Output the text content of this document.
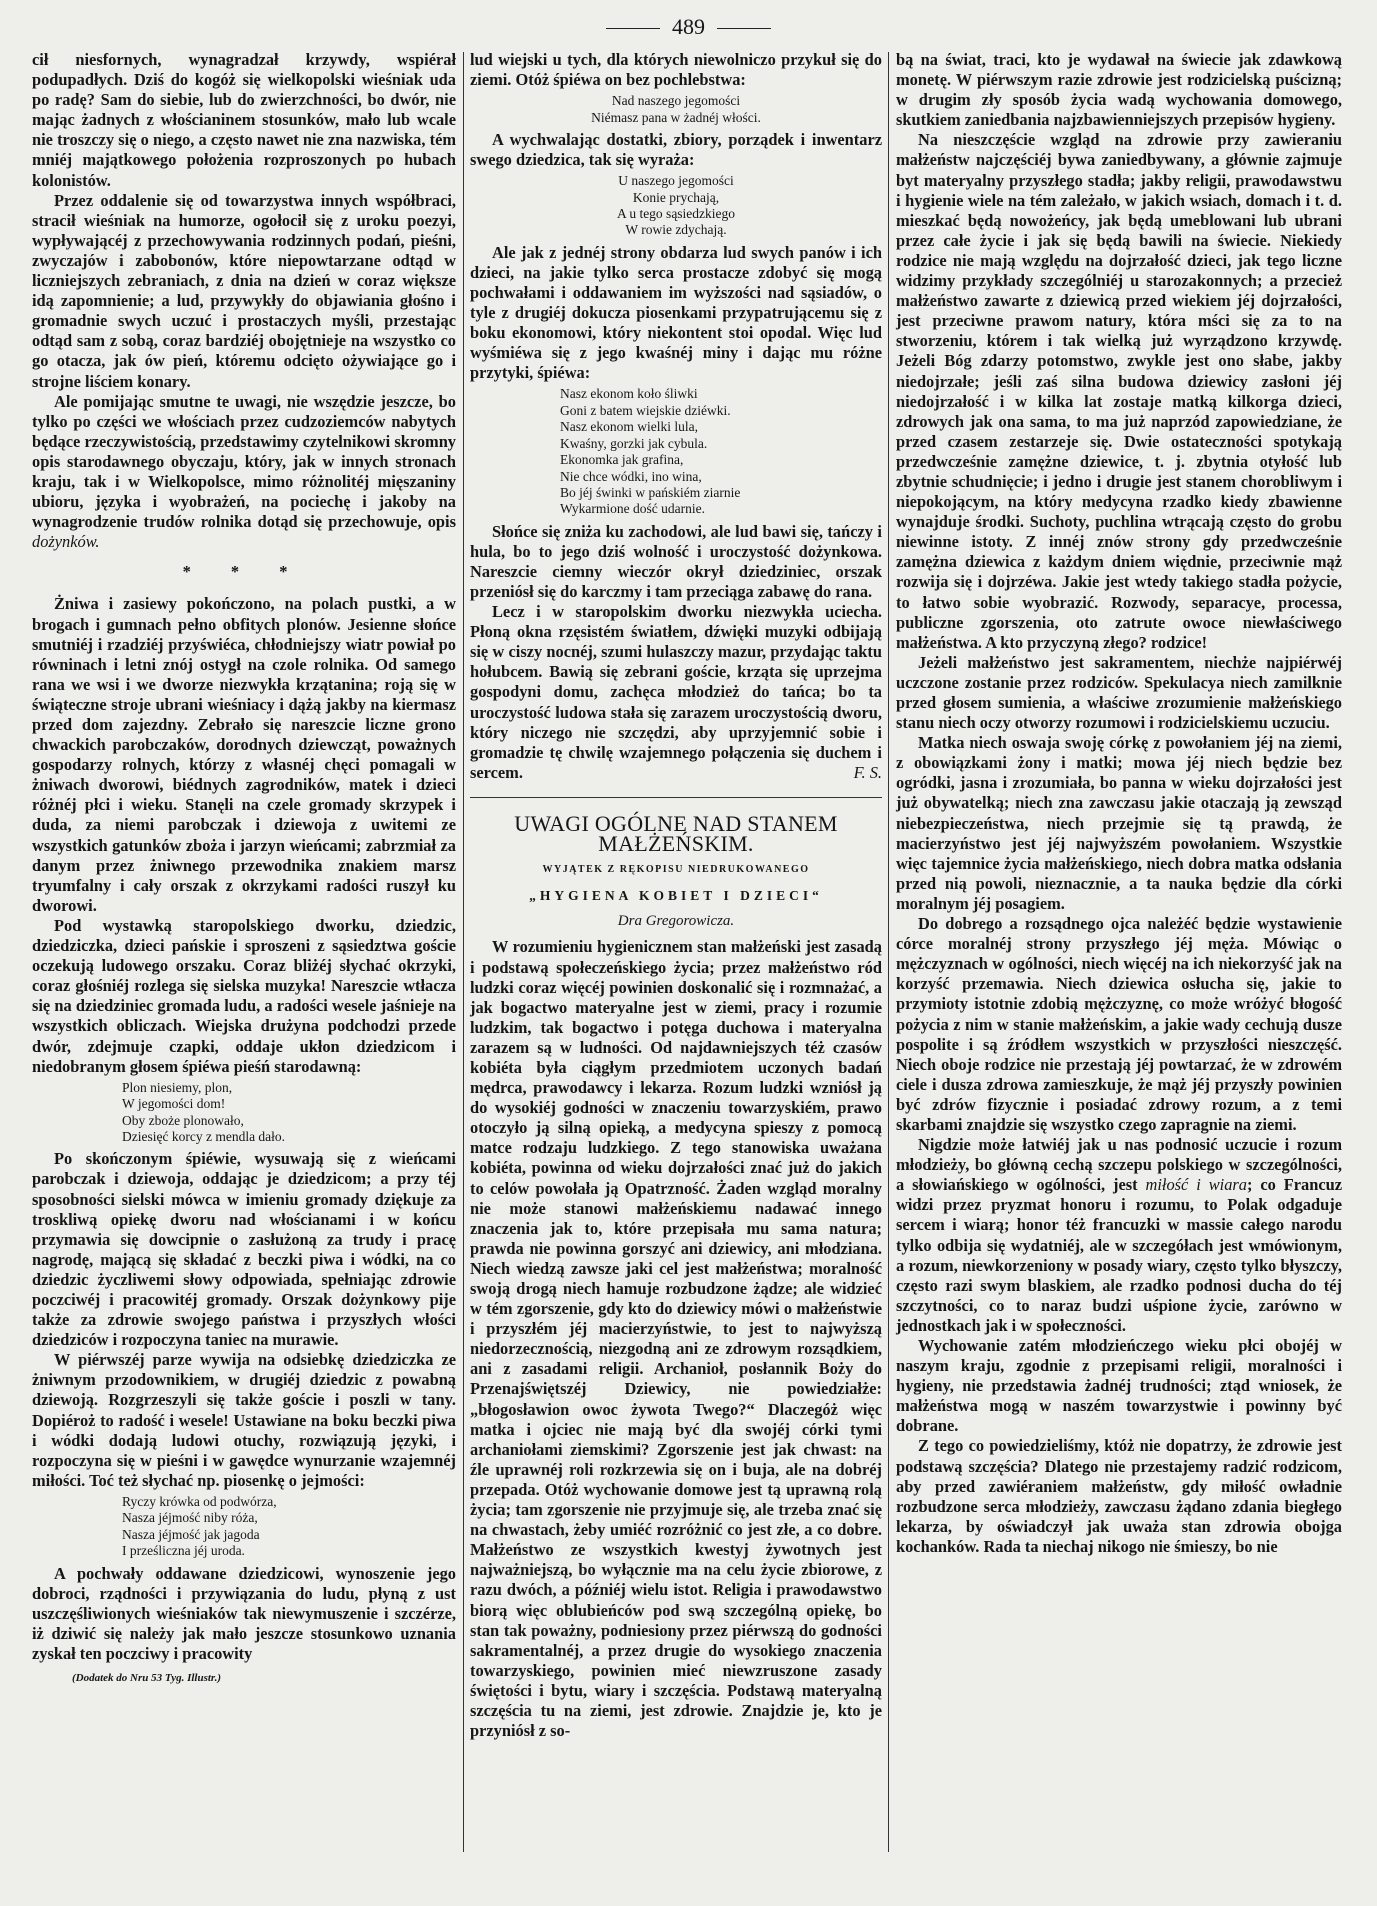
489

cił niesfornych, wynagradzał krzywdy, wspiérał podupadłych. Dziś do kogóż się wielkopolski wieśniak uda po radę? Sam do siebie, lub do zwierzchności, bo dwór, nie mając żadnych z włościaninem stosunków, mało lub wcale nie troszczy się o niego, a często nawet nie zna nazwiska, tém mniéj majątkowego położenia rozproszonych po hubach kolonistów.

Przez oddalenie się od towarzystwa innych współbraci, stracił wieśniak na humorze, ogołocił się z uroku poezyi, wypływającéj z przechowywania rodzinnych podań, pieśni, zwyczajów i zabobonów, które niepowtarzane odtąd w liczniejszych zebraniach, z dnia na dzień w coraz większe idą zapomnienie; a lud, przywykły do objawiania głośno i gromadnie swych uczuć i prostaczych myśli, przestając odtąd sam z sobą, coraz bardziéj obojętnieje na wszystko co go otacza, jak ów pień, któremu odcięto ożywiające go i strojne liściem konary.

Ale pomijając smutne te uwagi, nie wszędzie jeszcze, bo tylko po części we włościach przez cudzoziemców nabytych będące rzeczywistością, przedstawimy czytelnikowi skromny opis starodawnego obyczaju, który, jak w innych stronach kraju, tak i w Wielkopolsce, mimo różnolitéj mięszaniny ubioru, języka i wyobrażeń, na pociechę i jakoby na wynagrodzenie trudów rolnika dotąd się przechowuje, opis dożynków.

* * *

Żniwa i zasiewy pokończono, na polach pustki, a w brogach i gumnach pełno obfitych plonów. Jesienne słońce smutniéj i rzadziéj przyświéca, chłodniejszy wiatr powiał po równinach i letni znój ostygł na czole rolnika. Od samego rana we wsi i we dworze niezwykła krzątanina; roją się w świąteczne stroje ubrani wieśniacy i dążą jakby na kiermasz przed dom zajezdny. Zebrało się nareszcie liczne grono chwackich parobczaków, dorodnych dziewcząt, poważnych gospodarzy rolnych, którzy z własnéj chęci pomagali w żniwach dworowi, biédnych zagrodników, matek i dzieci różnéj płci i wieku. Stanęli na czele gromady skrzypek i duda, za niemi parobczak i dziewoja z uwitemi ze wszystkich gatunków zboża i jarzyn wieńcami; zabrzmiał za danym przez żniwnego przewodnika znakiem marsz tryumfalny i cały orszak z okrzykami radości ruszył ku dworowi.

Pod wystawką staropolskiego dworku, dziedzic, dziedziczka, dzieci pańskie i sproszeni z sąsiedztwa goście oczekują ludowego orszaku. Coraz bliżéj słychać okrzyki, coraz głośniéj rozlega się sielska muzyka! Nareszcie wtłacza się na dziedziniec gromada ludu, a radości wesele jaśnieje na wszystkich obliczach. Wiejska drużyna podchodzi przede dwór, zdejmuje czapki, oddaje ukłon dziedzicom i niedobranym głosem śpiéwa pieśń starodawną:

Plon niesiemy, plon,
W jegomości dom!
Oby zboże plonowało,
Dziesięć korcy z mendla dało.

Po skończonym śpiéwie, wysuwają się z wieńcami parobczak i dziewoja, oddając je dziedzicom; a przy téj sposobności sielski mówca w imieniu gromady dziękuje za troskliwą opiekę dworu nad włościanami i w końcu przymawia się dowcipnie o zasłużoną za trudy i pracę nagrodę, mającą się składać z beczki piwa i wódki, na co dziedzic życzliwemi słowy odpowiada, spełniając zdrowie poczciwéj i pracowitéj gromady. Orszak dożynkowy pije także za zdrowie swojego państwa i przyszłych włości dziedziców i rozpoczyna taniec na murawie.

W piérwszéj parze wywija na odsiebkę dziedziczka ze żniwnym przodownikiem, w drugiéj dziedzic z powabną dziewoją. Rozgrzeszyli się także goście i poszli w tany. Dopiéroż to radość i wesele! Ustawiane na boku beczki piwa i wódki dodają ludowi otuchy, rozwiązują języki, i rozpoczyna się w pieśni i w gawędce wynurzanie wzajemnéj miłości. Toć też słychać np. piosenkę o jejmości:

Ryczy krówka od podwórza,
Nasza jéjmość niby róża,
Nasza jéjmość jak jagoda
I prześliczna jéj uroda.

A pochwały oddawane dziedzicowi, wynoszenie jego dobroci, rządności i przywiązania do ludu, płyną z ust uszczęśliwionych wieśniaków tak niewymuszenie i szczérze, iż dziwić się należy jak mało jeszcze stosunkowo uznania zyskał ten poczciwy i pracowity

(Dodatek do Nru 53 Tyg. Illustr.)

lud wiejski u tych, dla których niewolniczo przykuł się do ziemi. Otóż śpiéwa on bez pochlebstwa:

Nad naszego jegomości
Niémasz pana w żadnéj włości.

A wychwalając dostatki, zbiory, porządek i inwentarz swego dziedzica, tak się wyraża:

U naszego jegomości
Konie prychają,
A u tego sąsiedzkiego
W rowie zdychają.

Ale jak z jednéj strony obdarza lud swych panów i ich dzieci, na jakie tylko serca prostacze zdobyć się mogą pochwałami i oddawaniem im wyższości nad sąsiadów, o tyle z drugiéj dokucza piosenkami przypatrującemu się z boku ekonomowi, który niekontent stoi opodal. Więc lud wyśmiéwa się z jego kwaśnéj miny i dając mu różne przytyki, śpiéwa:

Nasz ekonom koło śliwki
Goni z batem wiejskie dziéwki.
Nasz ekonom wielki lula,
Kwaśny, gorzki jak cybula.
Ekonomka jak grafina,
Nie chce wódki, ino wina,
Bo jéj świnki w pańskiém ziarnie
Wykarmione dość udarnie.

Słońce się zniża ku zachodowi, ale lud bawi się, tańczy i hula, bo to jego dziś wolność i uroczystość dożynkowa. Nareszcie ciemny wieczór okrył dziedziniec, orszak przeniósł się do karczmy i tam przeciąga zabawę do rana.

Lecz i w staropolskim dworku niezwykła uciecha. Płoną okna rzęsistém światłem, dźwięki muzyki odbijają się w ciszy nocnéj, szumi hulaszczy mazur, przydając taktu hołubcem. Bawią się zebrani goście, krząta się uprzejma gospodyni domu, zachęca młodzież do tańca; bo ta uroczystość ludowa stała się zarazem uroczystością dworu, który niczego nie szczędzi, aby uprzyjemnić sobie i gromadzie tę chwilę wzajemnego połączenia się duchem i sercem.	F. S.

UWAGI OGÓLNE NAD STANEM MAŁŻEŃSKIM.
WYJĄTEK Z RĘKOPISU NIEDRUKOWANEGO
„HYGIENA KOBIET I DZIECI“
Dra Gregorowicza.

W rozumieniu hygienicznem stan małżeński jest zasadą i podstawą społeczeńskiego życia; przez małżeństwo ród ludzki coraz więcéj powinien doskonalić się i rozmnażać, a jak bogactwo materyalne jest w ziemi, pracy i rozumie ludzkim, tak bogactwo i potęga duchowa i materyalna zarazem są w ludności. Od najdawniejszych téż czasów kobiéta była ciągłym przedmiotem uczonych badań mędrca, prawodawcy i lekarza. Rozum ludzki wzniósł ją do wysokiéj godności w znaczeniu towarzyskiém, prawo otoczyło ją silną opieką, a medycyna spieszy z pomocą matce rodzaju ludzkiego. Z tego stanowiska uważana kobiéta, powinna od wieku dojrzałości znać już do jakich to celów powołała ją Opatrzność. Żaden wzgląd moralny nie może stanowi małżeńskiemu nadawać innego znaczenia jak to, które przepisała mu sama natura; prawda nie powinna gorszyć ani dziewicy, ani młodziana. Niech wiedzą zawsze jaki cel jest małżeństwa; moralność swoją drogą niech hamuje rozbudzone żądze; ale widzieć w tém zgorszenie, gdy kto do dziewicy mówi o małżeństwie i przyszłém jéj macierzyństwie, to jest to najwyższą niedorzecznością, niezgodną ani ze zdrowym rozsądkiem, ani z zasadami religii. Archanioł, posłannik Boży do Przenajświętszéj Dziewicy, nie powiedziałże: „błogosławion owoc żywota Twego?“ Dlaczegóż więc matka i ojciec nie mają być dla swojéj córki tymi archaniołami ziemskimi? Zgorszenie jest jak chwast: na źle uprawnéj roli rozkrzewia się on i buja, ale na dobréj przepada. Otóż wychowanie domowe jest tą uprawną rolą życia; tam zgorszenie nie przyjmuje się, ale trzeba znać się na chwastach, żeby umiéć rozróżnić co jest złe, a co dobre. Małżeństwo ze wszystkich kwestyj żywotnych jest najważniejszą, bo wyłącznie ma na celu życie zbiorowe, z razu dwóch, a późniéj wielu istot. Religia i prawodawstwo biorą więc oblubieńców pod swą szczególną opiekę, bo stan tak poważny, podniesiony przez piérwszą do godności sakramentalnéj, a przez drugie do wysokiego znaczenia towarzyskiego, powinien mieć niewzruszone zasady świętości i bytu, wiary i szczęścia. Podstawą materyalną szczęścia tu na ziemi, jest zdrowie. Znajdzie je, kto je przyniósł z so-

bą na świat, traci, kto je wydawał na świecie jak zdawkową monetę. W piérwszym razie zdrowie jest rodzicielską puścizną; w drugim zły sposób życia wadą wychowania domowego, skutkiem zaniedbania najzbawienniejszych przepisów hygieny.

Na nieszczęście wzgląd na zdrowie przy zawieraniu małżeństw najczęściéj bywa zaniedbywany, a głównie zajmuje byt materyalny przyszłego stadła; jakby religii, prawodawstwu i hygienie wiele na tém zależało, w jakich wsiach, domach i t. d. mieszkać będą nowożeńcy, jak będą umeblowani lub ubrani przez całe życie i jak się będą bawili na świecie. Niekiedy rodzice nie mają względu na dojrzałość dzieci, jak tego liczne widzimy przykłady szczególniéj u starozakonnych; a przecież małżeństwo zawarte z dziewicą przed wiekiem jéj dojrzałości, jest przeciwne prawom natury, która mści się za to na stworzeniu, którem i tak wielką już wyrządzono krzywdę. Jeżeli Bóg zdarzy potomstwo, zwykle jest ono słabe, jakby niedojrzałe; jeśli zaś silna budowa dziewicy zasłoni jéj niedojrzałość i w kilka lat zostaje matką kilkorga dzieci, zdrowych jak ona sama, to ma już naprzód zapowiedziane, że przed czasem zestarzeje się. Dwie ostateczności spotykają przedwcześnie zamężne dziewice, t. j. zbytnia otyłość lub zbytnie schudnięcie; i jedno i drugie jest stanem chorobliwym i niepokojącym, na który medycyna rzadko kiedy zbawienne wynajduje środki. Suchoty, puchlina wtrącają często do grobu niewinne istoty. Z innéj znów strony gdy przedwcześnie zamężna dziewica z każdym dniem więdnie, przeciwnie mąż rozwija się i dojrzéwa. Jakie jest wtedy takiego stadła pożycie, to łatwo sobie wyobrazić. Rozwody, separacye, processa, publiczne zgorszenia, oto zatrute owoce niewłaściwego małżeństwa. A kto przyczyną złego? rodzice!

Jeżeli małżeństwo jest sakramentem, niechże najpiérwéj uczczone zostanie przez rodziców. Spekulacya niech zamilknie przed głosem sumienia, a właściwe zrozumienie małżeńskiego stanu niech oczy otworzy rozumowi i rodzicielskiemu uczuciu.

Matka niech oswaja swoję córkę z powołaniem jéj na ziemi, z obowiązkami żony i matki; mowa jéj niech będzie bez ogródki, jasna i zrozumiała, bo panna w wieku dojrzałości jest już obywatelką; niech zna zawczasu jakie otaczają ją zewsząd niebezpieczeństwa, niech przejmie się tą prawdą, że macierzyństwo jest jéj najwyższém powołaniem. Wszystkie więc tajemnice życia małżeńskiego, niech dobra matka odsłania przed nią powoli, nieznacznie, a ta nauka będzie dla córki moralnym jéj posagiem.

Do dobrego a rozsądnego ojca należéć będzie wystawienie córce moralnéj strony przyszłego jéj męża. Mówiąc o mężczyznach w ogólności, niech więcéj na ich niekorzyść jak na korzyść przemawia. Niech dziewica osłucha się, jakie to przymioty istotnie zdobią mężczyznę, co może wróżyć błogość pożycia z nim w stanie małżeńskim, a jakie wady cechują dusze pospolite i są źródłem wszystkich w przyszłości nieszczęść. Niech oboje rodzice nie przestają jéj powtarzać, że w zdrowém ciele i dusza zdrowa zamieszkuje, że mąż jéj przyszły powinien być zdrów fizycznie i posiadać zdrowy rozum, a z temi skarbami znajdzie się wszystko czego zapragnie na ziemi.

Nigdzie może łatwiéj jak u nas podnosić uczucie i rozum młodzieży, bo główną cechą szczepu polskiego w szczególności, a słowiańskiego w ogólności, jest miłość i wiara; co Francuz widzi przez pryzmat honoru i rozumu, to Polak odgaduje sercem i wiarą; honor téż francuzki w massie całego narodu tylko odbija się wydatniéj, ale w szczegółach jest wmówionym, a rozum, niewkorzeniony w posady wiary, często tylko błyszczy, często razi swym blaskiem, ale rzadko podnosi ducha do téj szczytności, co to naraz budzi uśpione życie, zarówno w jednostkach jak i w społeczności.

Wychowanie zatém młodzieńczego wieku płci obojéj w naszym kraju, zgodnie z przepisami religii, moralności i hygieny, nie przedstawia żadnéj trudności; ztąd wniosek, że małżeństwa mogą w naszém towarzystwie i powinny być dobrane.

Z tego co powiedzieliśmy, któż nie dopatrzy, że zdrowie jest podstawą szczęścia? Dlatego nie przestajemy radzić rodzicom, aby przed zawiéraniem małżeństw, gdy miłość owładnie rozbudzone serca młodzieży, zawczasu żądano zdania biegłego lekarza, by oświadczył jak uważa stan zdrowia obojga kochanków. Rada ta niechaj nikogo nie śmieszy, bo nie
